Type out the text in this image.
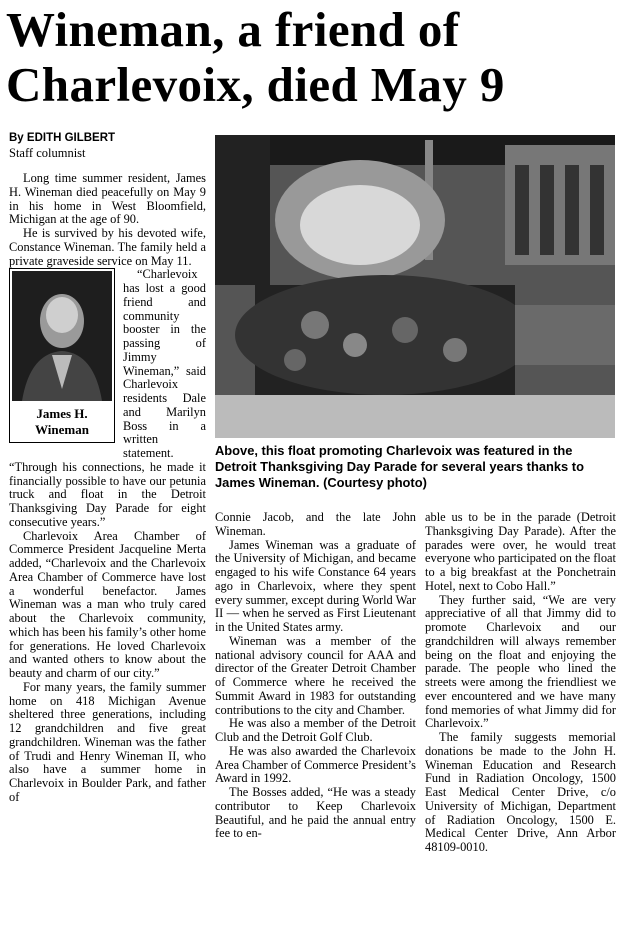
Wineman, a friend of
Charlevoix, died May 9
By EDITH GILBERT
Staff columnist
Above, this float promoting Charlevoix was featured in the Detroit Thanksgiving Day Parade for several years thanks to James Wineman. (Courtesy photo)

Long time summer resident, James H. Wineman died peacefully on May 9 in his home in West Bloomfield, Michigan at the age of 90.

He is survived by his devoted wife, Constance Wineman. The family held a private graveside service on May 11.

James H.
Wineman

“Charlevoix has lost a good friend and community booster in the passing of Jimmy Wineman,” said Charlevoix residents Dale and Marilyn Boss in a written statement. “Through his connections, he made it financially possible to have our petunia truck and float in the Detroit Thanksgiving Day Parade for eight consecutive years.”

Charlevoix Area Chamber of Commerce President Jacqueline Merta added, “Charlevoix and the Charlevoix Area Chamber of Commerce have lost a wonderful benefactor. James Wineman was a man who truly cared about the Charlevoix community, which has been his family’s other home for generations. He loved Charlevoix and wanted others to know about the beauty and charm of our city.”

For many years, the family summer home on 418 Michigan Avenue sheltered three generations, including 12 grandchildren and five great grandchildren. Wineman was the father of Trudi and Henry Wineman II, who also have a summer home in Charlevoix in Boulder Park, and father of

Connie Jacob, and the late John Wineman.

James Wineman was a graduate of the University of Michigan, and became engaged to his wife Constance 64 years ago in Charlevoix, where they spent every summer, except during World War II — when he served as First Lieutenant in the United States army.

Wineman was a member of the national advisory council for AAA and director of the Greater Detroit Chamber of Commerce where he received the Summit Award in 1983 for outstanding contributions to the city and Chamber.

He was also a member of the Detroit Club and the Detroit Golf Club.

He was also awarded the Charlevoix Area Chamber of Commerce President’s Award in 1992.

The Bosses added, “He was a steady contributor to Keep Charlevoix Beautiful, and he paid the annual entry fee to en-

able us to be in the parade (Detroit Thanksgiving Day Parade). After the parades were over, he would treat everyone who participated on the float to a big breakfast at the Ponchetrain Hotel, next to Cobo Hall.”

They further said, “We are very appreciative of all that Jimmy did to promote Charlevoix and our grandchildren will always remember being on the float and enjoying the parade. The people who lined the streets were among the friendliest we ever encountered and we have many fond memories of what Jimmy did for Charlevoix.”

The family suggests memorial donations be made to the John H. Wineman Education and Research Fund in Radiation Oncology, 1500 East Medical Center Drive, c/o University of Michigan, Department of Radiation Oncology, 1500 E. Medical Center Drive, Ann Arbor 48109-0010.
